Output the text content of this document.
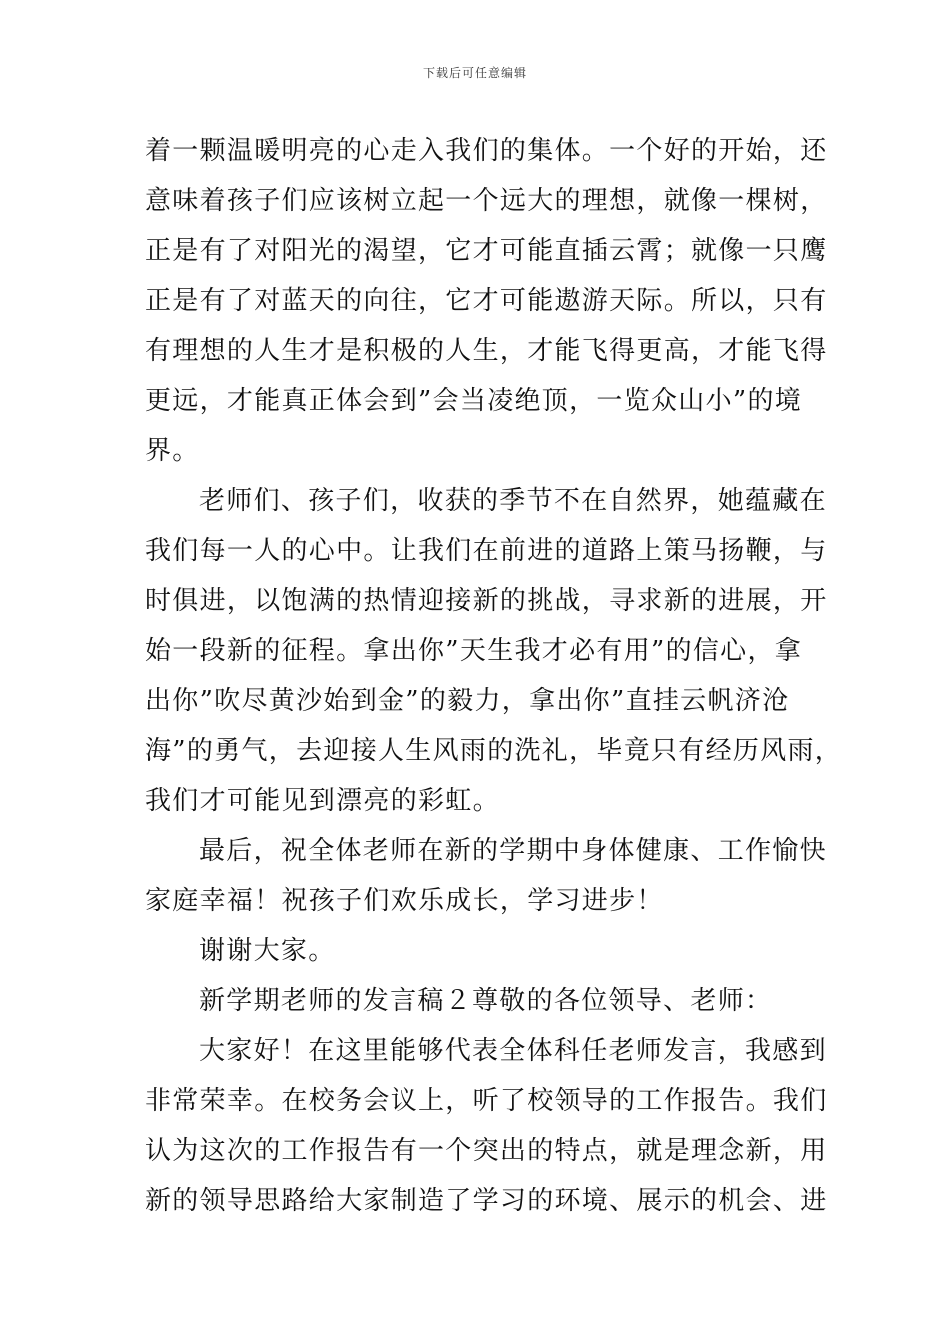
下载后可任意编辑

着一颗温暖明亮的心走入我们的集体。一个好的开始，还
意味着孩子们应该树立起一个远大的理想，就像一棵树，
正是有了对阳光的渴望，它才可能直插云霄；就像一只鹰
正是有了对蓝天的向往，它才可能遨游天际。所以，只有
有理想的人生才是积极的人生，才能飞得更高，才能飞得
更远，才能真正体会到”会当凌绝顶，一览众山小”的境
界。

老师们、孩子们，收获的季节不在自然界，她蕴藏在
我们每一人的心中。让我们在前进的道路上策马扬鞭，与
时俱进，以饱满的热情迎接新的挑战，寻求新的进展，开
始一段新的征程。拿出你”天生我才必有用”的信心，拿
出你”吹尽黄沙始到金”的毅力，拿出你”直挂云帆济沧
海”的勇气，去迎接人生风雨的洗礼，毕竟只有经历风雨，
我们才可能见到漂亮的彩虹。

最后，祝全体老师在新的学期中身体健康、工作愉快
家庭幸福！祝孩子们欢乐成长，学习进步！

谢谢大家。

新学期老师的发言稿２尊敬的各位领导、老师：

大家好！在这里能够代表全体科任老师发言，我感到
非常荣幸。在校务会议上，听了校领导的工作报告。我们
认为这次的工作报告有一个突出的特点，就是理念新，用
新的领导思路给大家制造了学习的环境、展示的机会、进
